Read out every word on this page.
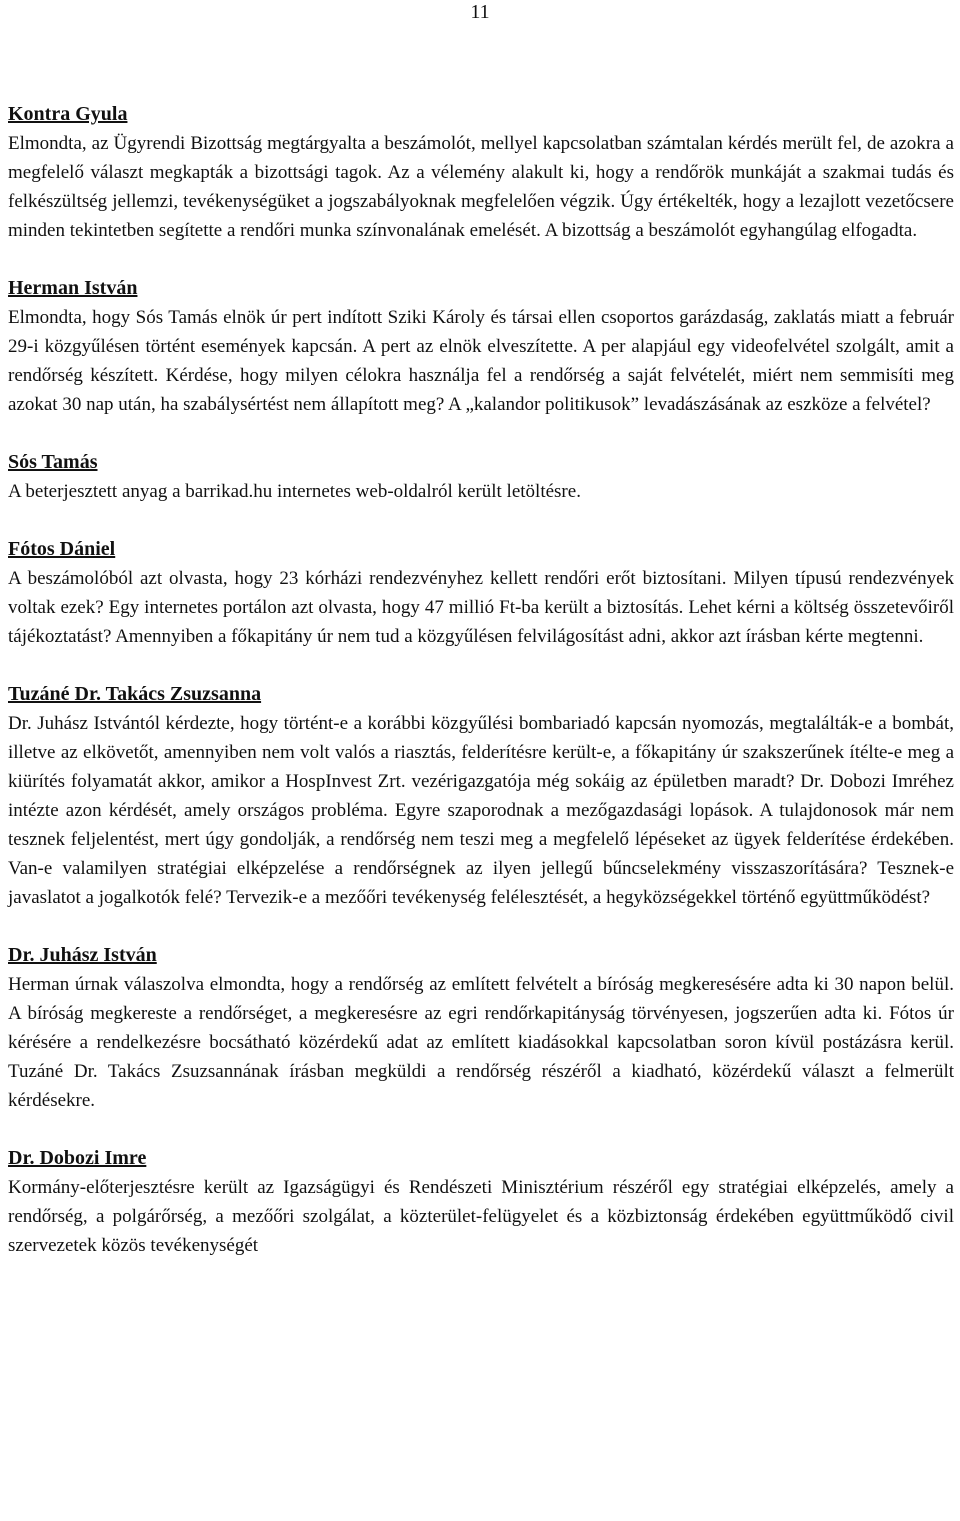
11
Kontra Gyula

Elmondta, az Ügyrendi Bizottság megtárgyalta a beszámolót, mellyel kapcsolatban számtalan kérdés merült fel, de azokra a megfelelő választ megkapták a bizottsági tagok. Az a vélemény alakult ki, hogy a rendőrök munkáját a szakmai tudás és felkészültség jellemzi, tevékenységüket a jogszabályoknak megfelelően végzik. Úgy értékelték, hogy a lezajlott vezetőcsere minden tekintetben segítette a rendőri munka színvonalának emelését. A bizottság a beszámolót egyhangúlag elfogadta.

Herman István

Elmondta, hogy Sós Tamás elnök úr pert indított Sziki Károly és társai ellen csoportos garázdaság, zaklatás miatt a február 29-i közgyűlésen történt események kapcsán. A pert az elnök elveszítette. A per alapjául egy videofelvétel szolgált, amit a rendőrség készített. Kérdése, hogy milyen célokra használja fel a rendőrség a saját felvételét, miért nem semmisíti meg azokat 30 nap után, ha szabálysértést nem állapított meg? A „kalandor politikusok” levadászásának az eszköze a felvétel?

Sós Tamás

A beterjesztett anyag a barrikad.hu internetes web-oldalról került letöltésre.

Fótos Dániel

A beszámolóból azt olvasta, hogy 23 kórházi rendezvényhez kellett rendőri erőt biztosítani. Milyen típusú rendezvények voltak ezek? Egy internetes portálon azt olvasta, hogy 47 millió Ft-ba került a biztosítás. Lehet kérni a költség összetevőiről tájékoztatást? Amennyiben a főkapitány úr nem tud a közgyűlésen felvilágosítást adni, akkor azt írásban kérte megtenni.

Tuzáné Dr. Takács Zsuzsanna

Dr. Juhász Istvántól kérdezte, hogy történt-e a korábbi közgyűlési bombariadó kapcsán nyomozás, megtalálták-e a bombát, illetve az elkövetőt, amennyiben nem volt valós a riasztás, felderítésre került-e, a főkapitány úr szakszerűnek ítélte-e meg a kiürítés folyamatát akkor, amikor a HospInvest Zrt. vezérigazgatója még sokáig az épületben maradt? Dr. Dobozi Imréhez intézte azon kérdését, amely országos probléma. Egyre szaporodnak a mezőgazdasági lopások. A tulajdonosok már nem tesznek feljelentést, mert úgy gondolják, a rendőrség nem teszi meg a megfelelő lépéseket az ügyek felderítése érdekében. Van-e valamilyen stratégiai elképzelése a rendőrségnek az ilyen jellegű bűncselekmény visszaszorítására? Tesznek-e javaslatot a jogalkotók felé? Tervezik-e a mezőőri tevékenység felélesztését, a hegyközségekkel történő együttműködést?

Dr. Juhász István

Herman úrnak válaszolva elmondta, hogy a rendőrség az említett felvételt a bíróság megkeresésére adta ki 30 napon belül. A bíróság megkereste a rendőrséget, a megkeresésre az egri rendőrkapitányság törvényesen, jogszerűen adta ki. Fótos úr kérésére a rendelkezésre bocsátható közérdekű adat az említett kiadásokkal kapcsolatban soron kívül postázásra kerül. Tuzáné Dr. Takács Zsuzsannának írásban megküldi a rendőrség részéről a kiadható, közérdekű választ a felmerült kérdésekre.

Dr. Dobozi Imre

Kormány-előterjesztésre került az Igazságügyi és Rendészeti Minisztérium részéről egy stratégiai elképzelés, amely a rendőrség, a polgárőrség, a mezőőri szolgálat, a közterület-felügyelet és a közbiztonság érdekében együttműködő civil szervezetek közös tevékenységét
